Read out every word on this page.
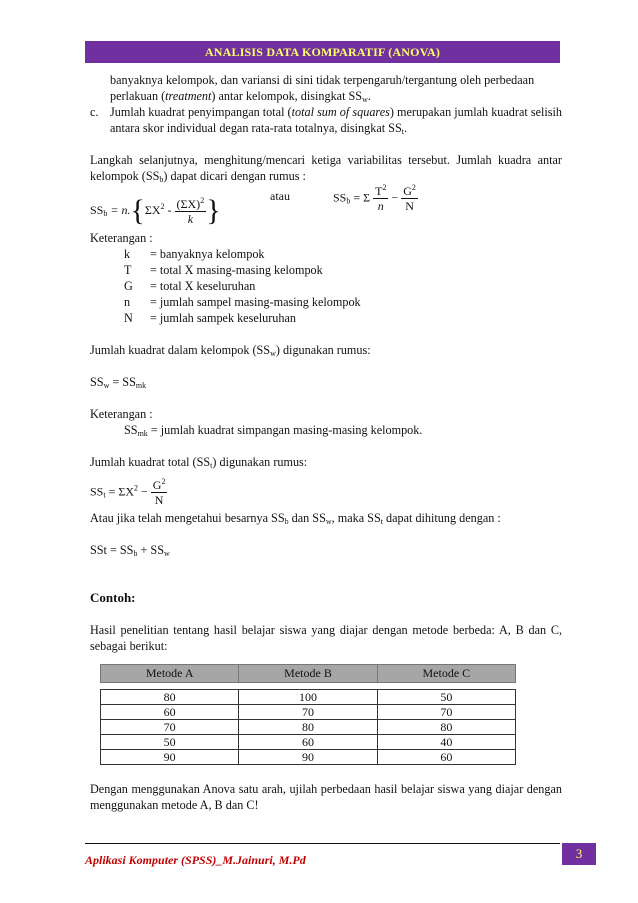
ANALISIS DATA KOMPARATIF (ANOVA)

banyaknya kelompok, dan variansi di sini tidak terpengaruh/tergantung oleh perbedaan

perlakuan (treatment) antar kelompok, disingkat $SS_w$.

c. Jumlah kuadrat penyimpangan total (total sum of squares) merupakan jumlah kuadrat selisih antara skor individual degan rata-rata totalnya, disingkat $SS_t$.

Langkah selanjutnya, menghitung/mencari ketiga variabilitas tersebut. Jumlah kuadra antar kelompok $(SS_b)$ dapat dicari dengan rumus :

$SS_b = n.\{\Sigma X^2 - \frac{(\Sigma X)^2}{k}$ }	atau	$SS_b = \Sigma \frac{T^2}{n} - \frac{G^2}{N}$

Keterangan :

k	= banyaknya kelompok
T	= total X masing-masing kelompok
G	= total X keseluruhan
n	= jumlah sampel masing-masing kelompok
N	= jumlah sampek keseluruhan

Jumlah kuadrat dalam kelompok $(SS_w)$ digunakan rumus:

$SS_w = SS_{mk}$

Keterangan :

$SS_{mk}$ = jumlah kuadrat simpangan masing-masing kelompok.

Jumlah kuadrat total $(SS_t)$ digunakan rumus:

$SS_t = \Sigma X^2 - \frac{G^2}{N}$

Atau jika telah mengetahui besarnya $SS_b$ dan $SS_w$, maka $SS_t$ dapat dihitung dengan :

SSt = $SS_b + SS_w$

Contoh:

Hasil penelitian tentang hasil belajar siswa yang diajar dengan metode berbeda: A, B dan C, sebagai berikut:

Metode A	Metode B	Metode C

80	100	50
60	70	70
70	80	80
50	60	40
90	90	60

Dengan menggunakan Anova satu arah, ujilah perbedaan hasil belajar siswa yang diajar dengan menggunakan metode A, B dan C!

Aplikasi Komputer (SPSS)_M.Jainuri, M.Pd	3
